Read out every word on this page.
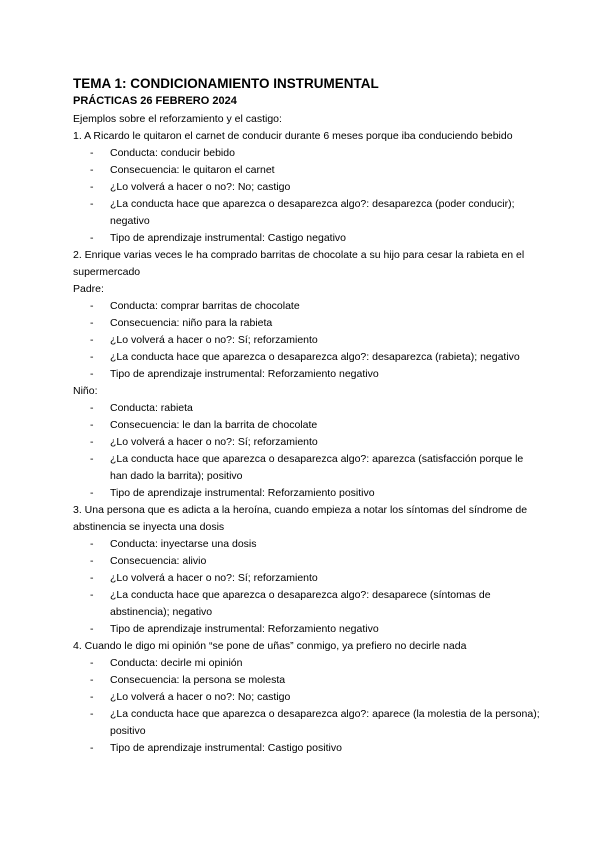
TEMA 1: CONDICIONAMIENTO INSTRUMENTAL
PRÁCTICAS 26 FEBRERO 2024

Ejemplos sobre el reforzamiento y el castigo:

1. A Ricardo le quitaron el carnet de conducir durante 6 meses porque iba conduciendo bebido

- Conducta: conducir bebido
- Consecuencia: le quitaron el carnet
- ¿Lo volverá a hacer o no?: No; castigo
- ¿La conducta hace que aparezca o desaparezca algo?: desaparezca (poder conducir); negativo
- Tipo de aprendizaje instrumental: Castigo negativo

2. Enrique varias veces le ha comprado barritas de chocolate a su hijo para cesar la rabieta en el supermercado

Padre:

- Conducta: comprar barritas de chocolate
- Consecuencia: niño para la rabieta
- ¿Lo volverá a hacer o no?: Sí; reforzamiento
- ¿La conducta hace que aparezca o desaparezca algo?: desaparezca (rabieta); negativo
- Tipo de aprendizaje instrumental: Reforzamiento negativo

Niño:

- Conducta: rabieta
- Consecuencia: le dan la barrita de chocolate
- ¿Lo volverá a hacer o no?: Sí; reforzamiento
- ¿La conducta hace que aparezca o desaparezca algo?: aparezca (satisfacción porque le han dado la barrita); positivo
- Tipo de aprendizaje instrumental: Reforzamiento positivo

3. Una persona que es adicta a la heroína, cuando empieza a notar los síntomas del síndrome de abstinencia se inyecta una dosis

- Conducta: inyectarse una dosis
- Consecuencia: alivio
- ¿Lo volverá a hacer o no?: Sí; reforzamiento
- ¿La conducta hace que aparezca o desaparezca algo?: desaparece (síntomas de abstinencia); negativo
- Tipo de aprendizaje instrumental: Reforzamiento negativo

4. Cuando le digo mi opinión “se pone de uñas” conmigo, ya prefiero no decirle nada

- Conducta: decirle mi opinión
- Consecuencia: la persona se molesta
- ¿Lo volverá a hacer o no?: No; castigo
- ¿La conducta hace que aparezca o desaparezca algo?: aparece (la molestia de la persona); positivo
- Tipo de aprendizaje instrumental: Castigo positivo
